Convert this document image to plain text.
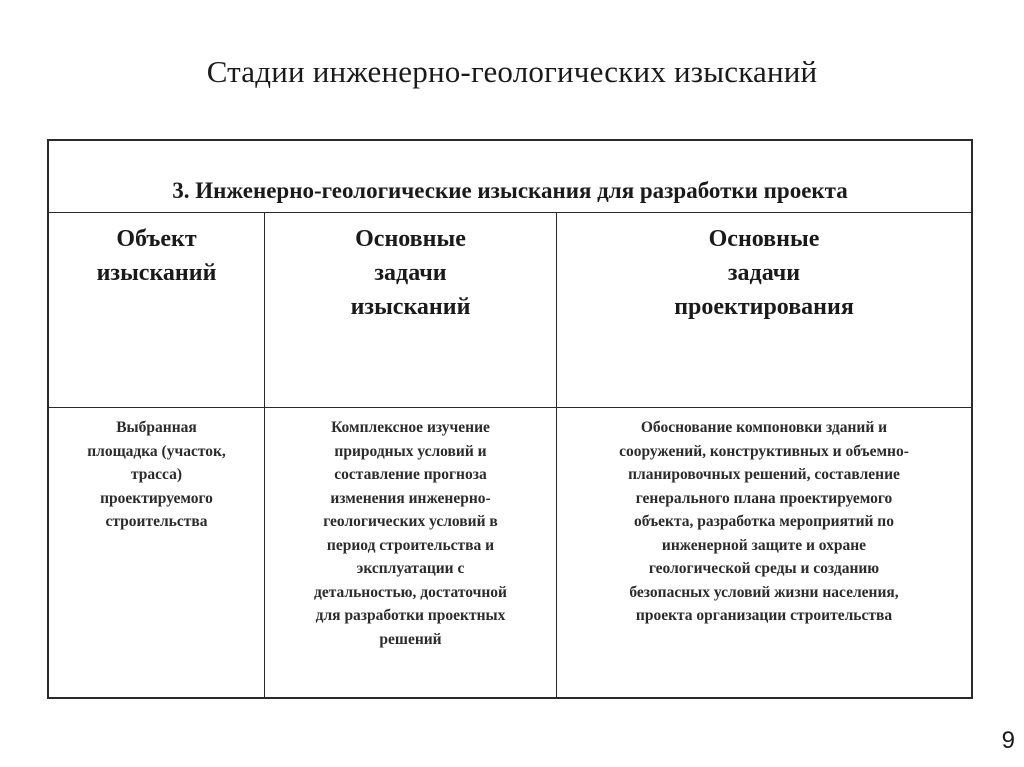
Стадии инженерно-геологических изысканий
3. Инженерно-геологические изыскания для разработки проекта
Объект
изысканий
Выбранная
площадка (участок,
трасса)
проектируемого
строительства
Основные
задачи
изысканий
Комплексное изучение
природных условий и
составление прогноза
изменения инженерно-
геологических условий в
период строительства и
эксплуатации с
детальностью, достаточной
для разработки проектных
решений
Основные
задачи
проектирования
Обоснование компоновки зданий и
сооружений, конструктивных и объемно-
планировочных решений, составление
генерального плана проектируемого
объекта, разработка мероприятий по
инженерной защите и охране
геологической среды и созданию
безопасных условий жизни населения,
проекта организации строительства
9
